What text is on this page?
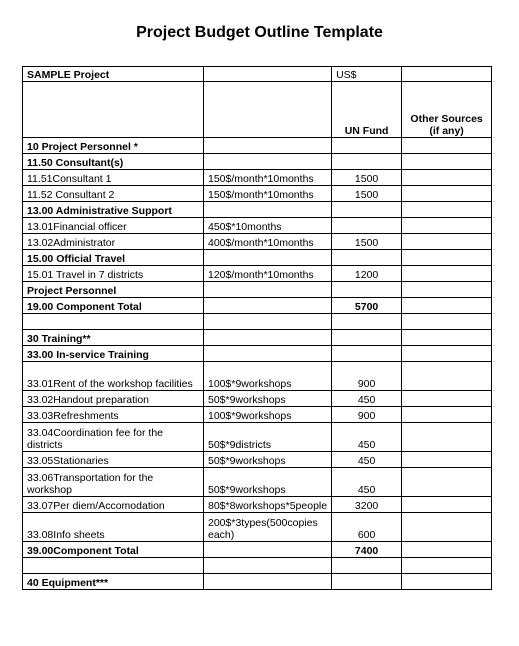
Project Budget Outline Template
SAMPLE Project		US$	
		UN Fund	Other Sources (if any)
10 Project Personnel *			
11.50 Consultant(s)			
11.51Consultant 1	150$/month*10months	1500	
11.52 Consultant 2	150$/month*10months	1500	
13.00 Administrative Support			
13.01Financial officer	450$*10months		
13.02Administrator	400$/month*10months	1500	
15.00 Official Travel			
15.01 Travel in 7 districts	120$/month*10months	1200	
Project Personnel			
19.00 Component Total		5700	

30 Training**			
33.00 In-service Training			
33.01Rent of the workshop facilities	100$*9workshops	900	
33.02Handout preparation	50$*9workshops	450	
33.03Refreshments	100$*9workshops	900	
33.04Coordination fee for the districts	50$*9districts	450	
33.05Stationaries	50$*9workshops	450	
33.06Transportation for the workshop	50$*9workshops	450	
33.07Per diem/Accomodation	80$*8workshops*5people	3200	
33.08Info sheets	200$*3types(500copies each)	600	
39.00Component Total		7400	

40 Equipment***			
